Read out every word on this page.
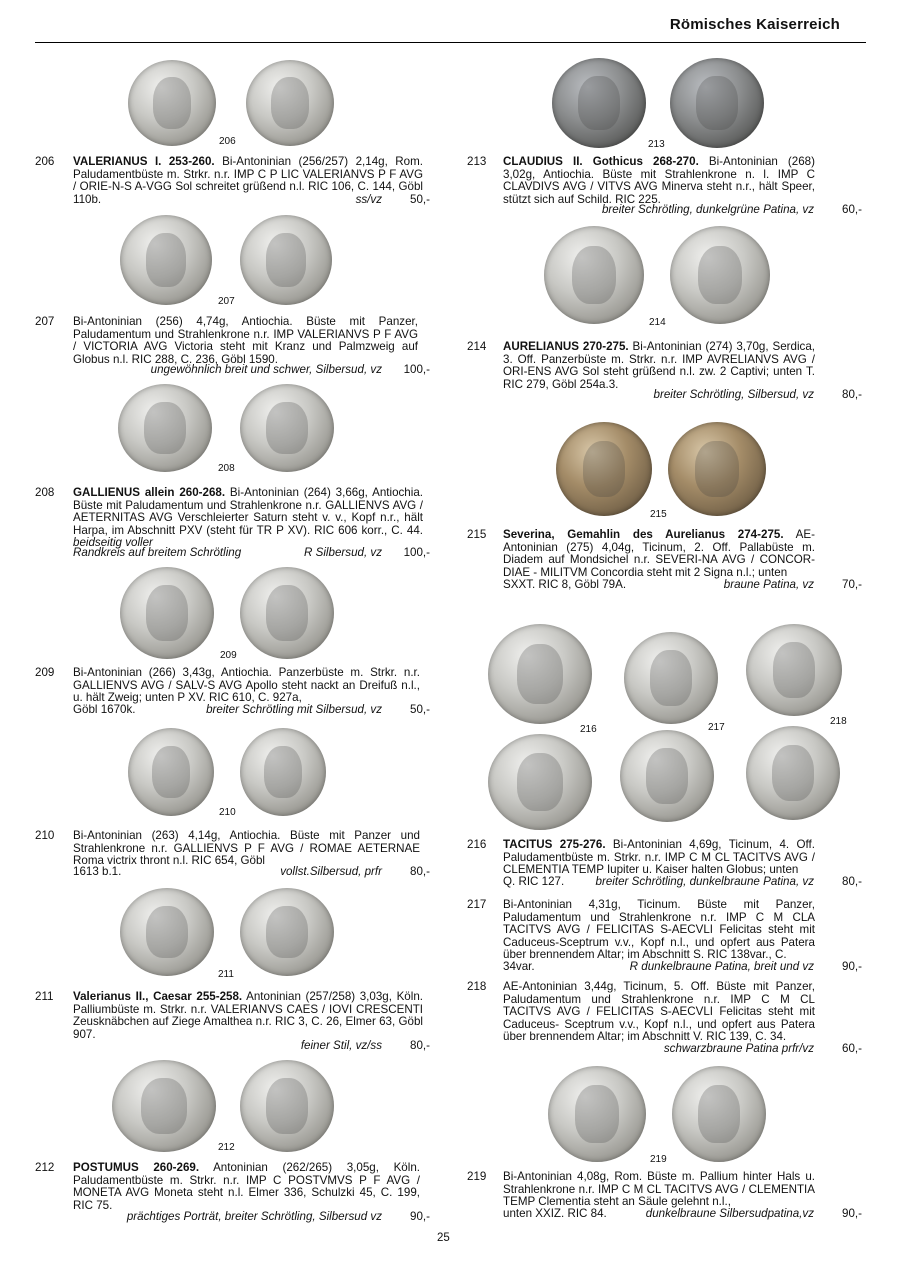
Römisches Kaiserreich
206
206 VALERIANUS I. 253-260. Bi-Antoninian (256/257) 2,14g, Rom. Paludamentbüste m. Strkr. n.r. IMP C P LIC VALERIANVS P F AVG / ORIE-N-S A-VGG Sol schreitet grüßend n.l. RIC 106, C. 144, Göbl 110b.	ss/vz	50,-
207
207 Bi-Antoninian (256) 4,74g, Antiochia. Büste mit Panzer, Paludamentum und Strahlenkrone n.r. IMP VALERIANVS P F AVG / VICTORIA AVG Victoria steht mit Kranz und Palmzweig auf Globus n.l. RIC 288, C. 236, Göbl 1590.
ungewöhnlich breit und schwer, Silbersud, vz	100,-
208
208 GALLIENUS allein 260-268. Bi-Antoninian (264) 3,66g, Antiochia. Büste mit Paludamentum und Strahlenkrone n.r. GALLIENVS AVG / AETERNITAS AVG Verschleierter Saturn steht v. v., Kopf n.r., hält Harpa, im Abschnitt PXV (steht für TR P XV). RIC 606 korr., C. 44. beidseitig voller
Randkreis auf breitem Schrötling	R Silbersud, vz	100,-
209
209 Bi-Antoninian (266) 3,43g, Antiochia. Panzerbüste m. Strkr. n.r. GALLIENVS AVG / SALV-S AVG Apollo steht nackt an Dreifuß n.l., u. hält Zweig; unten P XV. RIC 610, C. 927a,
Göbl 1670k.	breiter Schrötling mit Silbersud, vz	50,-
210
210 Bi-Antoninian (263) 4,14g, Antiochia. Büste mit Panzer und Strahlenkrone n.r. GALLIENVS P F AVG / ROMAE AETERNAE Roma victrix thront n.l. RIC 654, Göbl
1613 b.1.	vollst.Silbersud, prfr	80,-
211
211 Valerianus II., Caesar 255-258. Antoninian (257/258) 3,03g, Köln. Palliumbüste m. Strkr. n.r. VALERIANVS CAES / IOVI CRESCENTI Zeusknäbchen auf Ziege Amalthea n.r. RIC 3, C. 26, Elmer 63, Göbl 907.
feiner Stil, vz/ss	80,-
212
212 POSTUMUS 260-269. Antoninian (262/265) 3,05g, Köln. Paludamentbüste m. Strkr. n.r. IMP C POSTVMVS P F AVG / MONETA AVG Moneta steht n.l. Elmer 336, Schulzki 45, C. 199, RIC 75.
prächtiges Porträt, breiter Schrötling, Silbersud vz	90,-
213
213 CLAUDIUS II. Gothicus 268-270. Bi-Antoninian (268) 3,02g, Antiochia. Büste mit Strahlenkrone n. l. IMP C CLAVDIVS AVG / VITVS AVG Minerva steht n.r., hält Speer, stützt sich auf Schild. RIC 225.
breiter Schrötling, dunkelgrüne Patina, vz	60,-
214
214 AURELIANUS 270-275. Bi-Antoninian (274) 3,70g, Serdica, 3. Off. Panzerbüste m. Strkr. n.r. IMP AVRELIANVS AVG / ORI-ENS AVG Sol steht grüßend n.l. zw. 2 Captivi; unten T. RIC 279, Göbl 254a.3.
breiter Schrötling, Silbersud, vz	80,-
215
215 Severina, Gemahlin des Aurelianus 274-275. AE-Antoninian (275) 4,04g, Ticinum, 2. Off. Pallabüste m. Diadem auf Mondsichel n.r. SEVERI-NA AVG / CONCOR-DIAE - MILITVM Concordia steht mit 2 Signa n.l.; unten
SXXT. RIC 8, Göbl 79A.	braune Patina, vz	70,-
216	217
218
216 TACITUS 275-276. Bi-Antoninian 4,69g, Ticinum, 4. Off. Paludamentbüste m. Strkr. n.r. IMP C M CL TACITVS AVG / CLEMENTIA TEMP Iupiter u. Kaiser halten Globus; unten
Q. RIC 127.	breiter Schrötling, dunkelbraune Patina, vz	80,-
217 Bi-Antoninian 4,31g, Ticinum. Büste mit Panzer, Paludamentum und Strahlenkrone n.r. IMP C M CLA TACITVS AVG / FELICITAS S-AECVLI Felicitas steht mit Caduceus-Sceptrum v.v., Kopf n.l., und opfert aus Patera über brennendem Altar; im Abschnitt S. RIC 138var., C.
34var.	R dunkelbraune Patina, breit und vz	90,-
218 AE-Antoninian 3,44g, Ticinum, 5. Off. Büste mit Panzer, Paludamentum und Strahlenkrone n.r. IMP C M CL TACITVS AVG / FELICITAS S-AECVLI Felicitas steht mit Caduceus- Sceptrum v.v., Kopf n.l., und opfert aus Patera über brennendem Altar; im Abschnitt V. RIC 139, C. 34.
schwarzbraune Patina prfr/vz	60,-
219
219 Bi-Antoninian 4,08g, Rom. Büste m. Pallium hinter Hals u. Strahlenkrone n.r. IMP C M CL TACITVS AVG / CLEMENTIA TEMP Clementia steht an Säule gelehnt n.l.,
unten XXIZ. RIC 84.	dunkelbraune Silbersudpatina,vz	90,-
25
